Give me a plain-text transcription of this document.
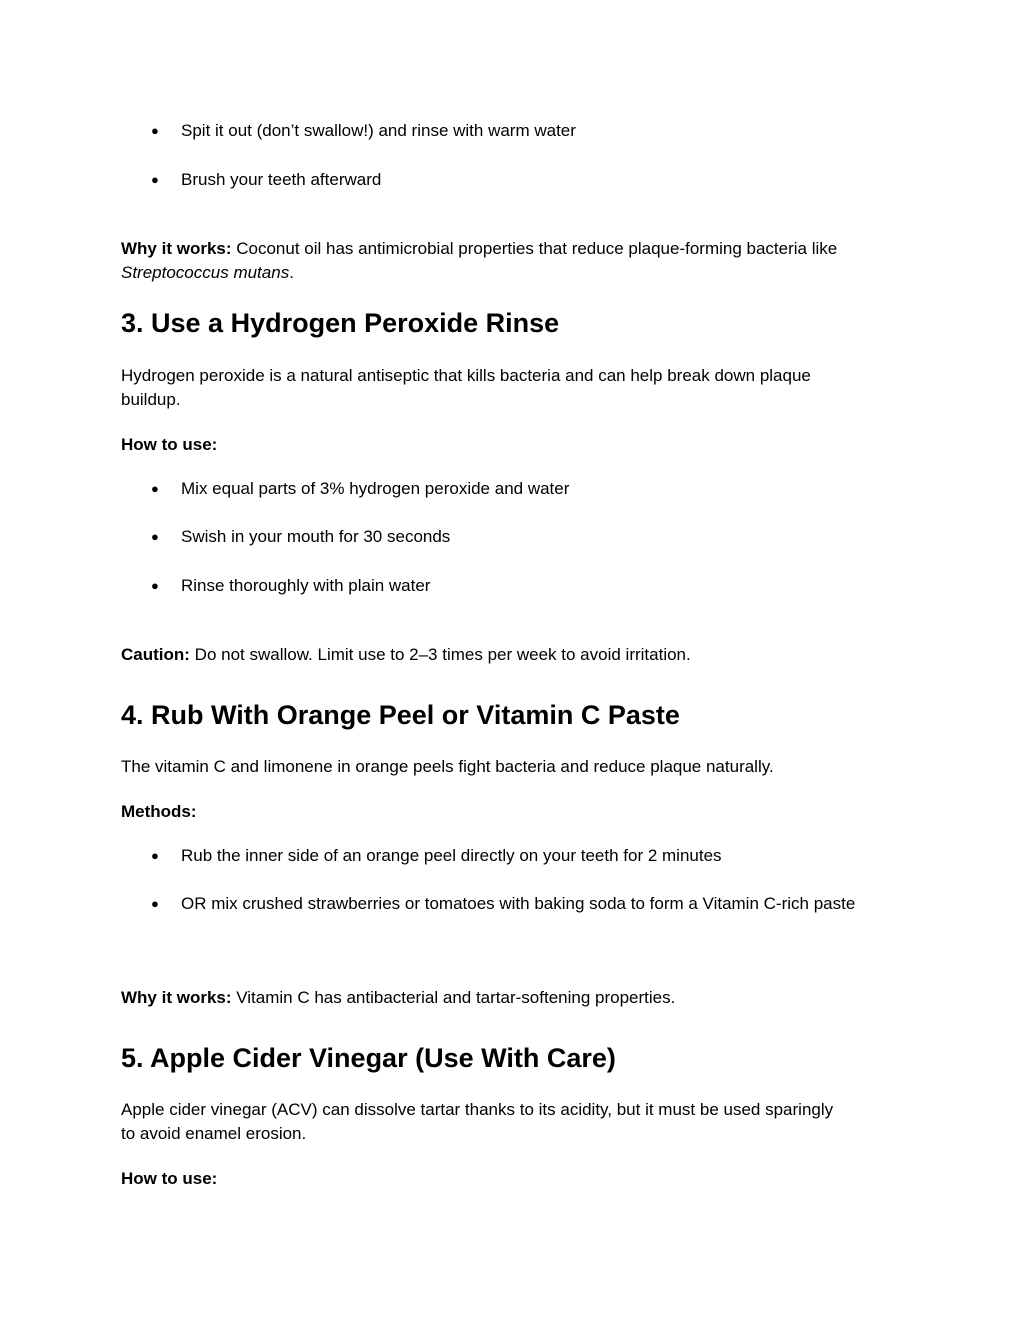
● Spit it out (don’t swallow!) and rinse with warm water
● Brush your teeth afterward
Why it works: Coconut oil has antimicrobial properties that reduce plaque-forming bacteria like
Streptococcus mutans.
3. Use a Hydrogen Peroxide Rinse
Hydrogen peroxide is a natural antiseptic that kills bacteria and can help break down plaque
buildup.
How to use:
● Mix equal parts of 3% hydrogen peroxide and water
● Swish in your mouth for 30 seconds
● Rinse thoroughly with plain water
Caution: Do not swallow. Limit use to 2–3 times per week to avoid irritation.
4. Rub With Orange Peel or Vitamin C Paste
The vitamin C and limonene in orange peels fight bacteria and reduce plaque naturally.
Methods:
● Rub the inner side of an orange peel directly on your teeth for 2 minutes
● OR mix crushed strawberries or tomatoes with baking soda to form a Vitamin C-rich paste
Why it works: Vitamin C has antibacterial and tartar-softening properties.
5. Apple Cider Vinegar (Use With Care)
Apple cider vinegar (ACV) can dissolve tartar thanks to its acidity, but it must be used sparingly
to avoid enamel erosion.
How to use:
